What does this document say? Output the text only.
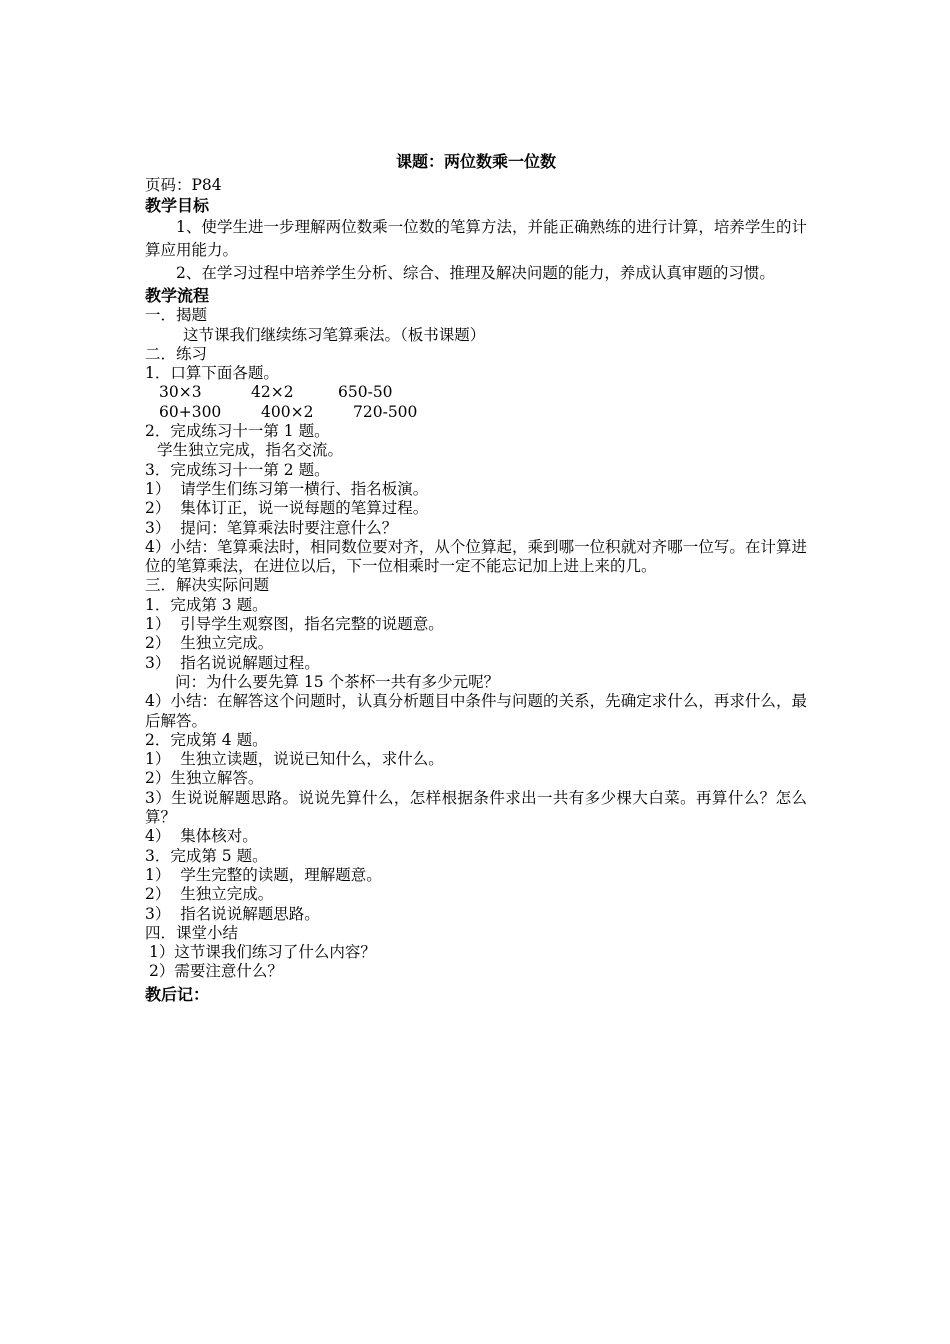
课题：两位数乘一位数
页码：P84
教学目标
1、使学生进一步理解两位数乘一位数的笔算方法，并能正确熟练的进行计算，培养学生的计算应用能力。
2、在学习过程中培养学生分析、综合、推理及解决问题的能力，养成认真审题的习惯。
教学流程
一．揭题
这节课我们继续练习笔算乘法。（板书课题）
二．练习
1．口算下面各题。
30×3	42×2	650-50
60+300	400×2	720-500
2．完成练习十一第 1 题。
学生独立完成，指名交流。
3．完成练习十一第 2 题。
1）  请学生们练习第一横行、指名板演。
2）  集体订正，说一说每题的笔算过程。
3）  提问：笔算乘法时要注意什么？
4）小结：笔算乘法时，相同数位要对齐，从个位算起，乘到哪一位积就对齐哪一位写。在计算进位的笔算乘法，在进位以后，下一位相乘时一定不能忘记加上进上来的几。
三．解决实际问题
1．完成第 3 题。
1）  引导学生观察图，指名完整的说题意。
2）  生独立完成。
3）  指名说说解题过程。
问：为什么要先算 15 个茶杯一共有多少元呢？
4）小结：在解答这个问题时，认真分析题目中条件与问题的关系，先确定求什么，再求什么，最后解答。
2．完成第 4 题。
1）  生独立读题，说说已知什么，求什么。
2）生独立解答。
3）生说说解题思路。说说先算什么，怎样根据条件求出一共有多少棵大白菜。再算什么？怎么算？
4）  集体核对。
3．完成第 5 题。
1）  学生完整的读题，理解题意。
2）  生独立完成。
3）  指名说说解题思路。
四．课堂小结
1）这节课我们练习了什么内容？
2）需要注意什么？
教后记：
